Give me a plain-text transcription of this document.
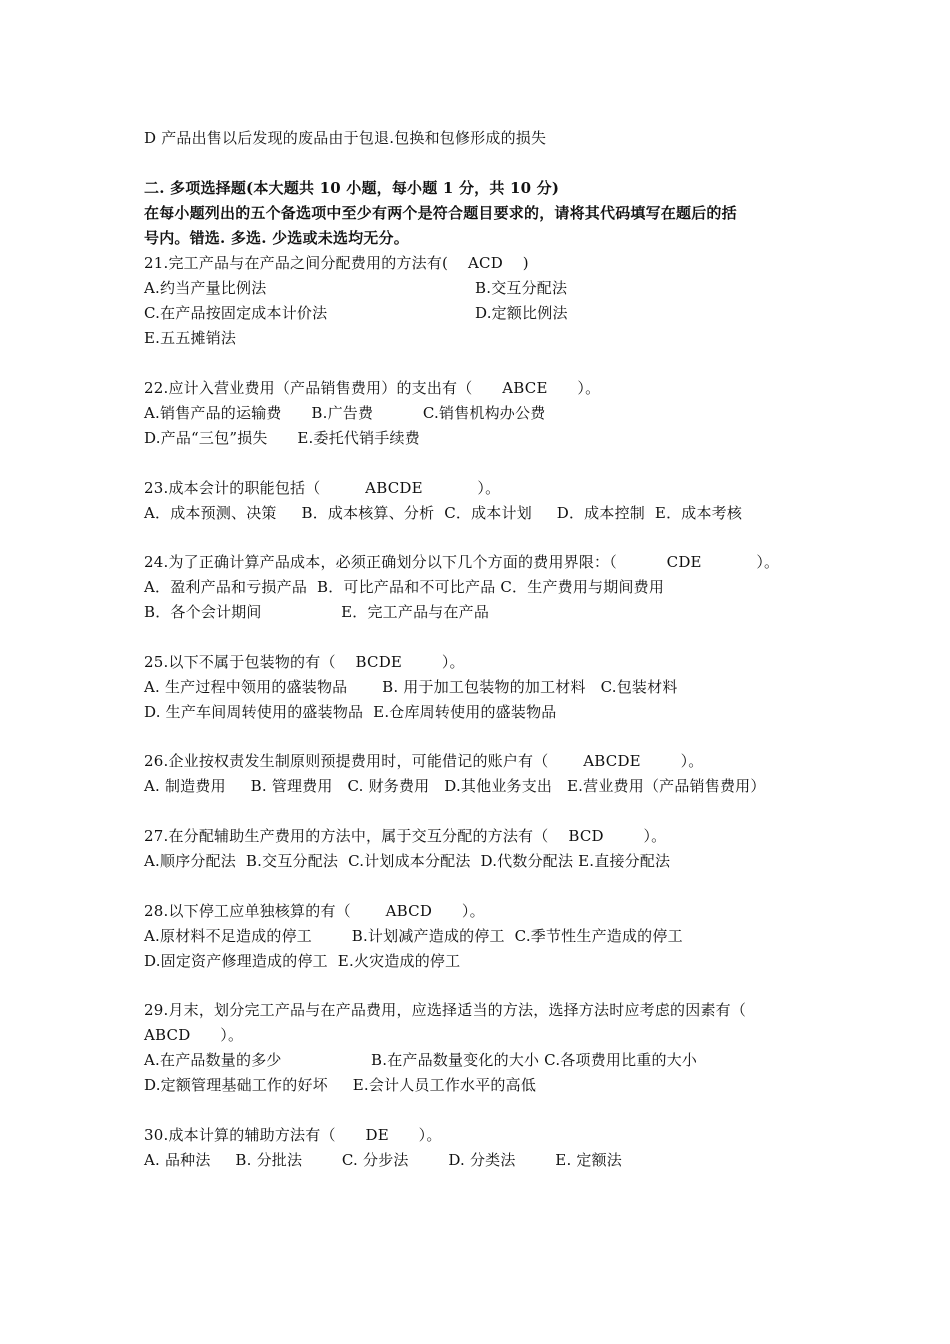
D 产品出售以后发现的废品由于包退.包换和包修形成的损失
二. 多项选择题(本大题共 10 小题，每小题 1 分，共 10 分)
在每小题列出的五个备选项中至少有两个是符合题目要求的，请将其代码填写在题后的括
号内。错选. 多选. 少选或未选均无分。
21.完工产品与在产品之间分配费用的方法有(    ACD    )
A.约当产量比例法	B.交互分配法
C.在产品按固定成本计价法	D.定额比例法
E.五五摊销法
22.应计入营业费用（产品销售费用）的支出有（      ABCE      ）。
A.销售产品的运输费      B.广告费          C.销售机构办公费
D.产品“三包”损失      E.委托代销手续费
23.成本会计的职能包括（         ABCDE           ）。
A．成本预测、决策     B．成本核算、分析  C．成本计划     D．成本控制  E．成本考核
24.为了正确计算产品成本，必须正确划分以下几个方面的费用界限：（          CDE           ）。
A．盈利产品和亏损产品  B．可比产品和不可比产品 C．生产费用与期间费用
B．各个会计期间                E．完工产品与在产品
25.以下不属于包装物的有（    BCDE        ）。
A. 生产过程中领用的盛装物品       B. 用于加工包装物的加工材料   C.包装材料
D. 生产车间周转使用的盛装物品  E.仓库周转使用的盛装物品
26.企业按权责发生制原则预提费用时，可能借记的账户有（       ABCDE        ）。
A. 制造费用     B. 管理费用   C. 财务费用   D.其他业务支出   E.营业费用（产品销售费用）
27.在分配辅助生产费用的方法中，属于交互分配的方法有（    BCD        ）。
A.顺序分配法  B.交互分配法  C.计划成本分配法  D.代数分配法 E.直接分配法
28.以下停工应单独核算的有（       ABCD      ）。
A.原材料不足造成的停工        B.计划减产造成的停工  C.季节性生产造成的停工
D.固定资产修理造成的停工  E.火灾造成的停工
29.月末，划分完工产品与在产品费用，应选择适当的方法，选择方法时应考虑的因素有（
ABCD      ）。
A.在产品数量的多少                  B.在产品数量变化的大小 C.各项费用比重的大小
D.定额管理基础工作的好坏     E.会计人员工作水平的高低
30.成本计算的辅助方法有（      DE      ）。
A. 品种法     B. 分批法        C. 分步法        D. 分类法        E. 定额法
